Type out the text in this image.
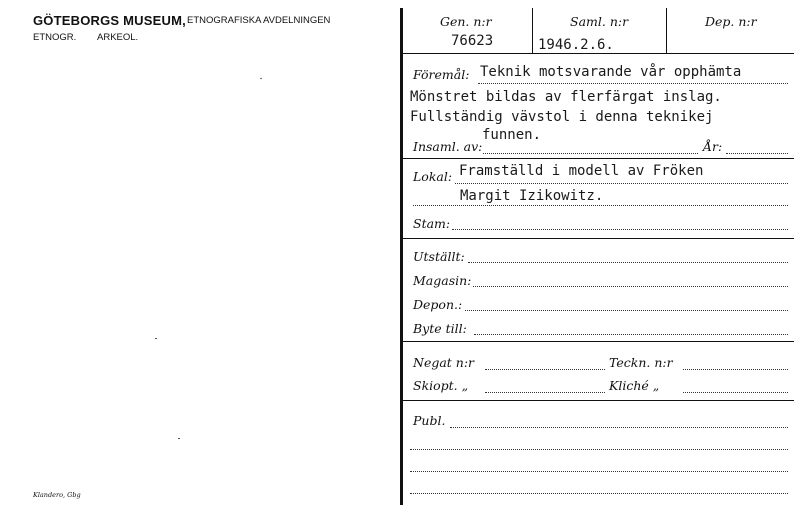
GÖTEBORGS MUSEUM, ETNOGRAFISKA AVDELNINGEN
ETNOGR. ARKEOL.
Klandero, Gbg
Gen. n:r	Saml. n:r	Dep. n:r
76623	1946.2.6.
Föremål: Teknik motsvarande vår opphämta
Mönstret bildas av flerfärgat inslag.
Fullständig vävstol i denna teknikej
funnen.
Insaml. av:	År:
Lokal: Framställd i modell av Fröken
Margit Izikowitz.
Stam:
Utställt:
Magasin:
Depon.:
Byte till:
Negat n:r	Teckn. n:r
Skiopt. „	Kliché „
Publ.
